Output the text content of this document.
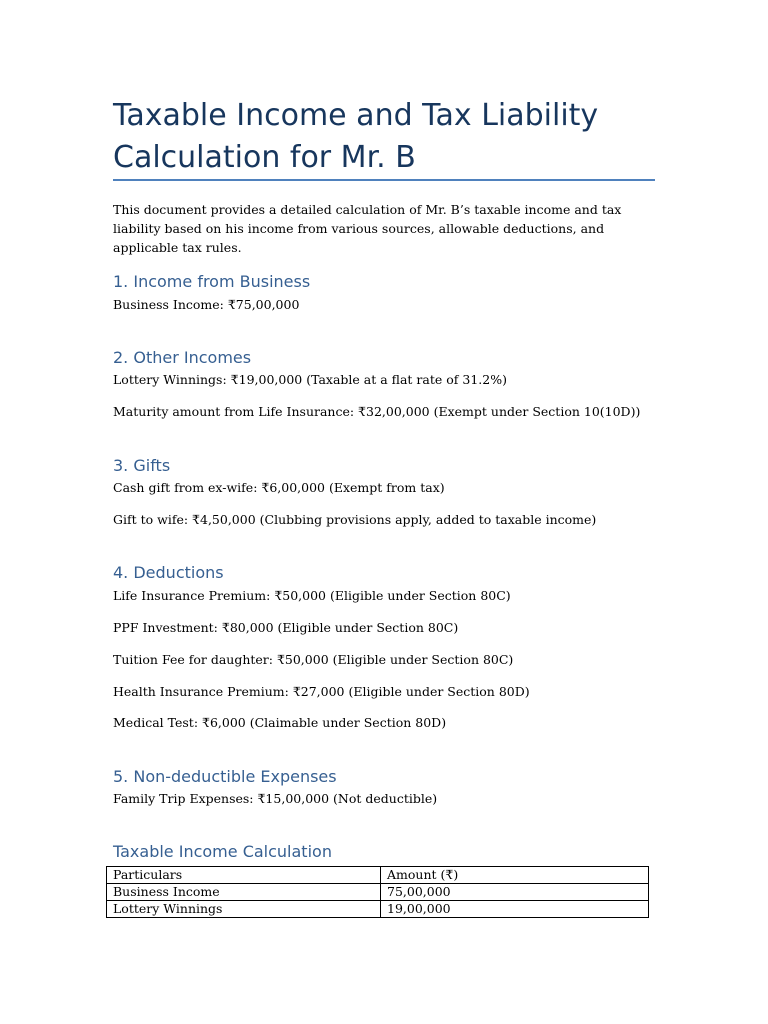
Taxable Income and Tax Liability Calculation for Mr. B

This document provides a detailed calculation of Mr. B’s taxable income and tax liability based on his income from various sources, allowable deductions, and applicable tax rules.

1. Income from Business

Business Income: ₹75,00,000

2. Other Incomes

Lottery Winnings: ₹19,00,000 (Taxable at a flat rate of 31.2%)

Maturity amount from Life Insurance: ₹32,00,000 (Exempt under Section 10(10D))

3. Gifts

Cash gift from ex-wife: ₹6,00,000 (Exempt from tax)

Gift to wife: ₹4,50,000 (Clubbing provisions apply, added to taxable income)

4. Deductions

Life Insurance Premium: ₹50,000 (Eligible under Section 80C)

PPF Investment: ₹80,000 (Eligible under Section 80C)

Tuition Fee for daughter: ₹50,000 (Eligible under Section 80C)

Health Insurance Premium: ₹27,000 (Eligible under Section 80D)

Medical Test: ₹6,000 (Claimable under Section 80D)

5. Non-deductible Expenses

Family Trip Expenses: ₹15,00,000 (Not deductible)

Taxable Income Calculation
Particulars	Amount (₹)
Business Income	75,00,000
Lottery Winnings	19,00,000
